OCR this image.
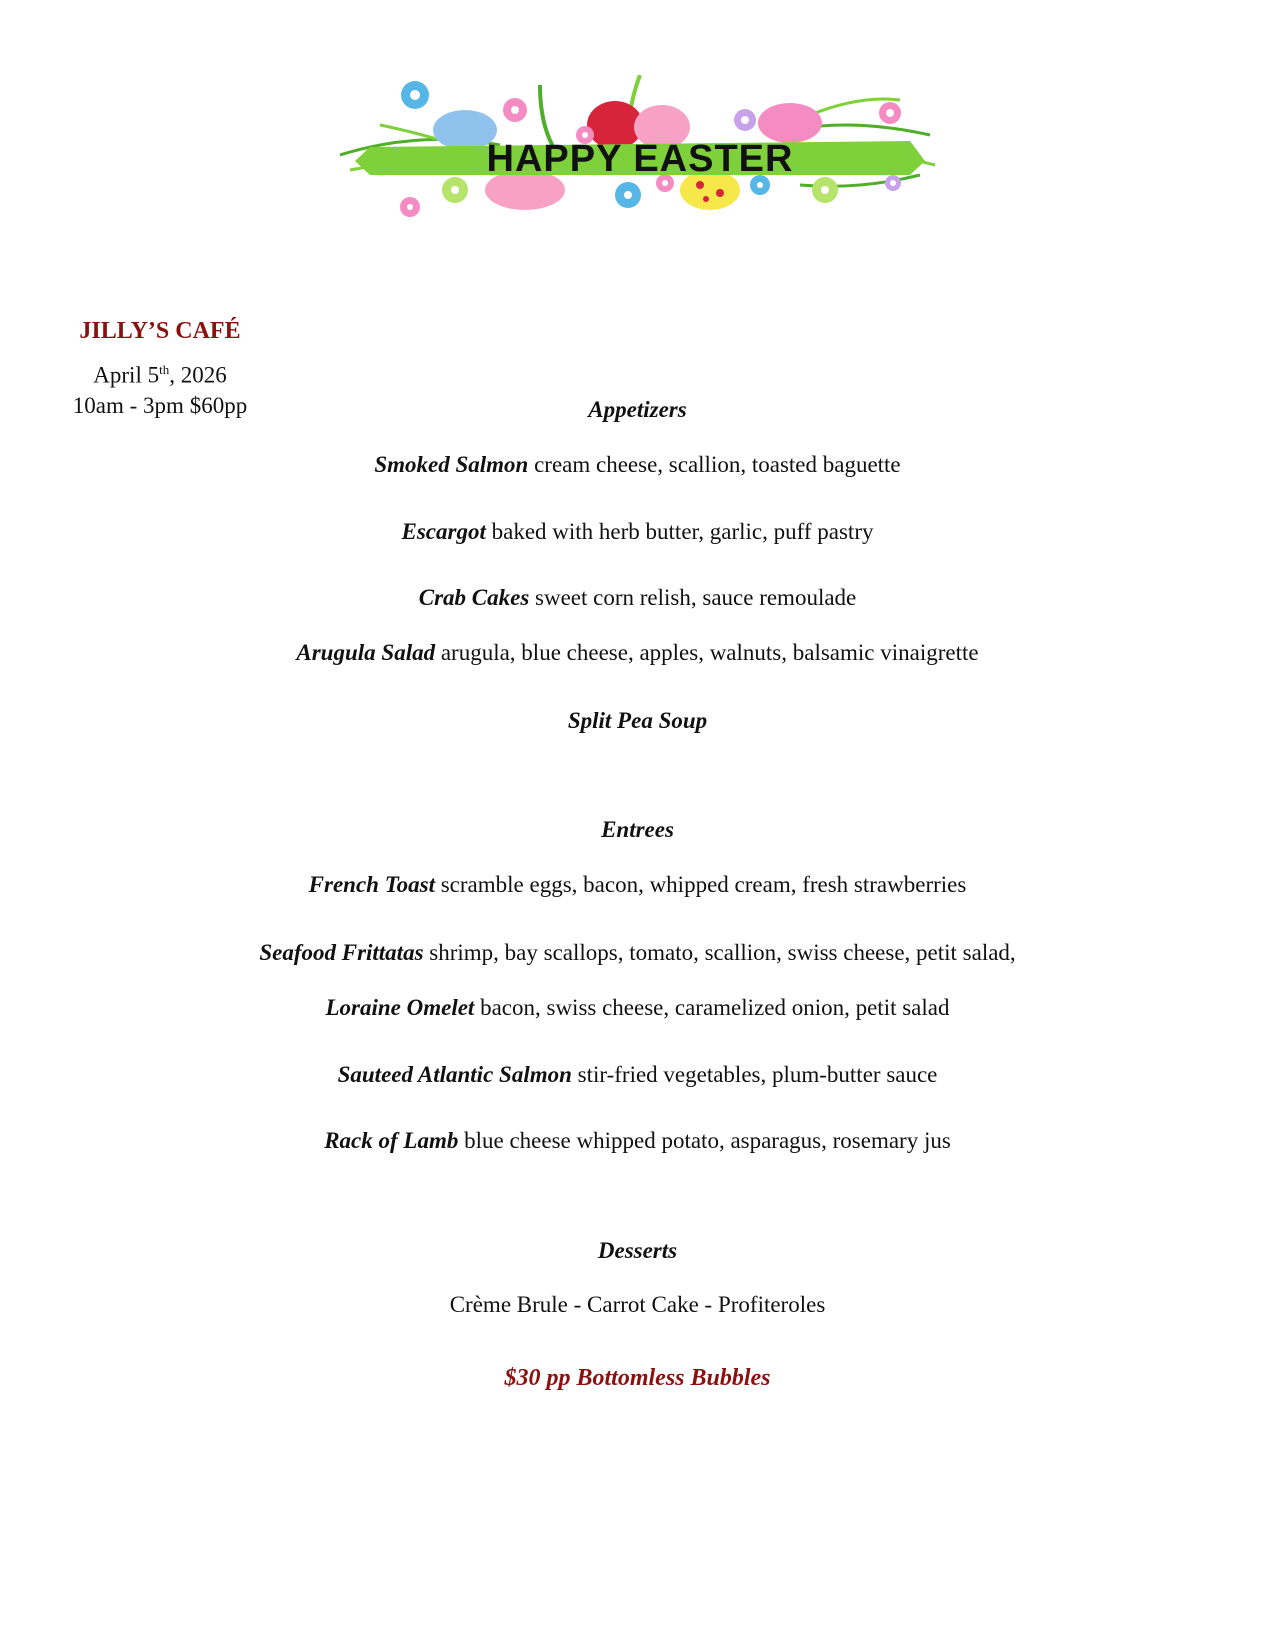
HAPPY EASTER
JILLY’S CAFÉ
April 5th, 2026
10am - 3pm $60pp	Appetizers
Smoked Salmon cream cheese, scallion, toasted baguette
Escargot baked with herb butter, garlic, puff pastry
Crab Cakes sweet corn relish, sauce remoulade
Arugula Salad arugula, blue cheese, apples, walnuts, balsamic vinaigrette
Split Pea Soup
Entrees
French Toast scramble eggs, bacon, whipped cream, fresh strawberries
Seafood Frittatas shrimp, bay scallops, tomato, scallion, swiss cheese, petit salad,
Loraine Omelet bacon, swiss cheese, caramelized onion, petit salad
Sauteed Atlantic Salmon stir-fried vegetables, plum-butter sauce
Rack of Lamb blue cheese whipped potato, asparagus, rosemary jus
Desserts
Crème Brule - Carrot Cake - Profiteroles
$30 pp Bottomless Bubbles
